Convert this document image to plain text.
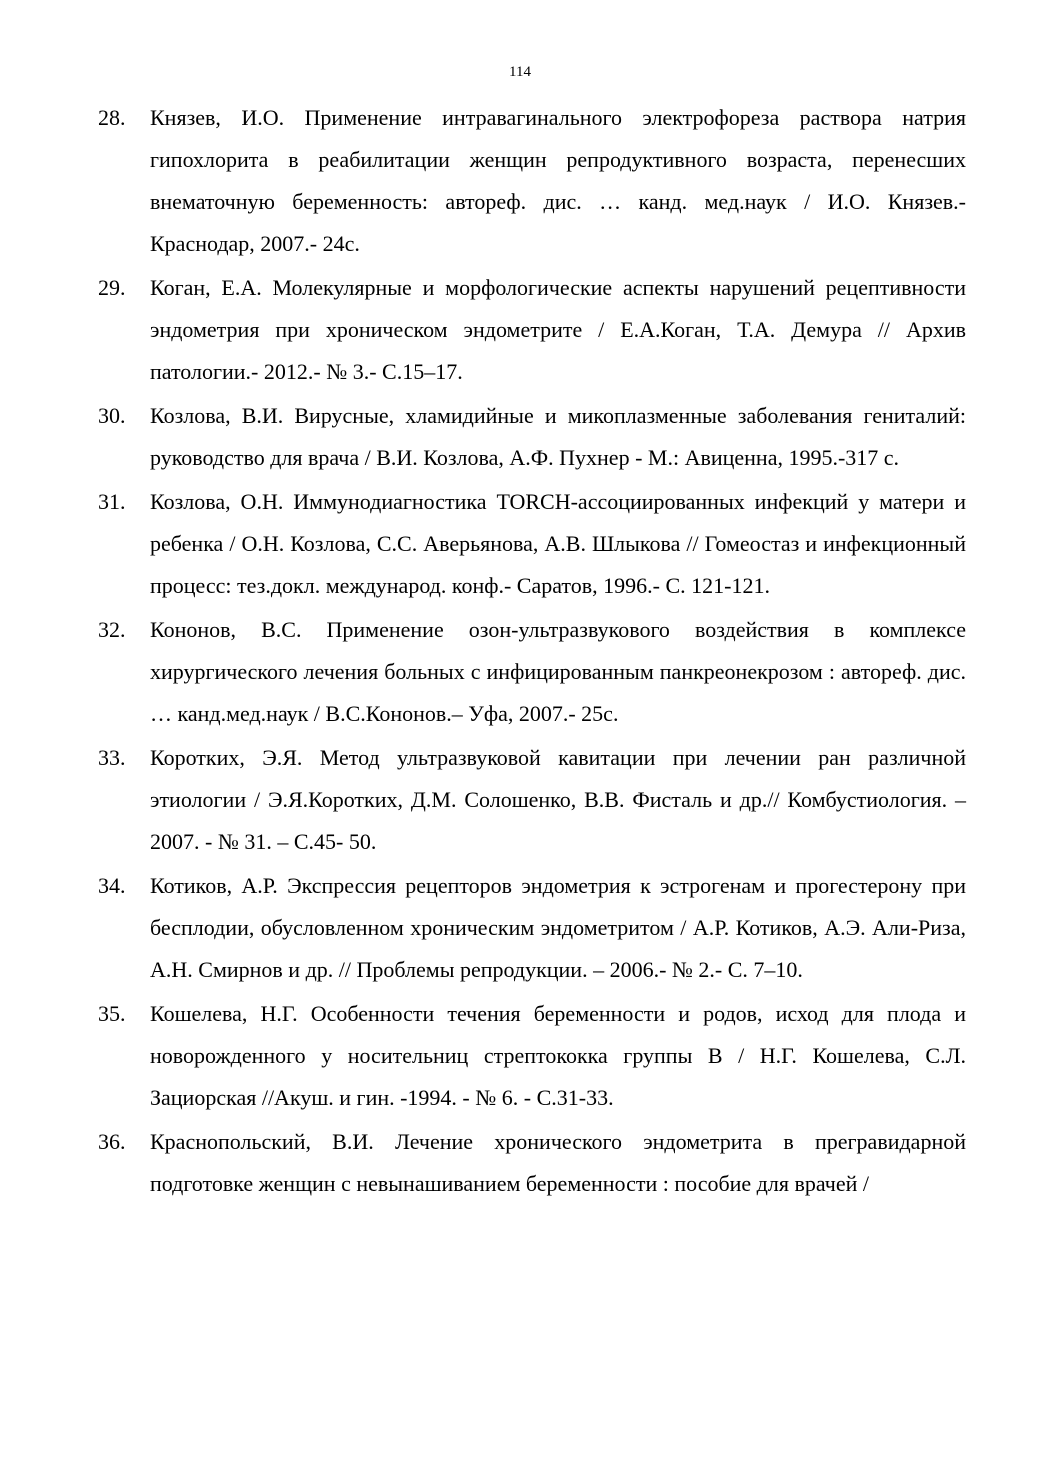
114
28. Князев, И.О. Применение интравагинального электрофореза раствора натрия гипохлорита в реабилитации женщин репродуктивного возраста, перенесших внематочную беременность: автореф. дис. … канд. мед.наук / И.О. Князев.- Краснодар, 2007.- 24с.
29. Коган, Е.А. Молекулярные и морфологические аспекты нарушений рецептивности эндометрия при хроническом эндометрите / Е.А.Коган, Т.А. Демура // Архив патологии.- 2012.- № 3.- С.15–17.
30. Козлова, В.И. Вирусные, хламидийные и микоплазменные заболевания гениталий: руководство для врача / В.И. Козлова, А.Ф. Пухнер - М.: Авиценна, 1995.-317 с.
31. Козлова, О.Н. Иммунодиагностика TORCH-ассоциированных инфекций у матери и ребенка / О.Н. Козлова, С.С. Аверьянова, А.В. Шлыкова // Гомеостаз и инфекционный процесс: тез.докл. международ. конф.- Саратов, 1996.- С. 121-121.
32. Кононов, В.С. Применение озон-ультразвукового воздействия в комплексе хирургического лечения больных с инфицированным панкреонекрозом : автореф. дис. … канд.мед.наук / В.С.Кононов.– Уфа, 2007.- 25с.
33. Коротких, Э.Я. Метод ультразвуковой кавитации при лечении ран различной этиологии / Э.Я.Коротких, Д.М. Солошенко, В.В. Фисталь и др.// Комбустиология. – 2007. - № 31. – С.45- 50.
34. Котиков, А.Р. Экспрессия рецепторов эндометрия к эстрогенам и прогестерону при бесплодии, обусловленном хроническим эндометритом / А.Р. Котиков, А.Э. Али-Риза, А.Н. Смирнов и др. // Проблемы репродукции. – 2006.- № 2.- С. 7–10.
35. Кошелева, Н.Г. Особенности течения беременности и родов, исход для плода и новорожденного у носительниц стрептококка группы В / Н.Г. Кошелева, С.Л. Зациорская //Акуш. и гин. -1994. - № 6. - С.31-33.
36. Краснопольский, В.И. Лечение хронического эндометрита в прегравидарной подготовке женщин с невынашиванием беременности : пособие для врачей /
